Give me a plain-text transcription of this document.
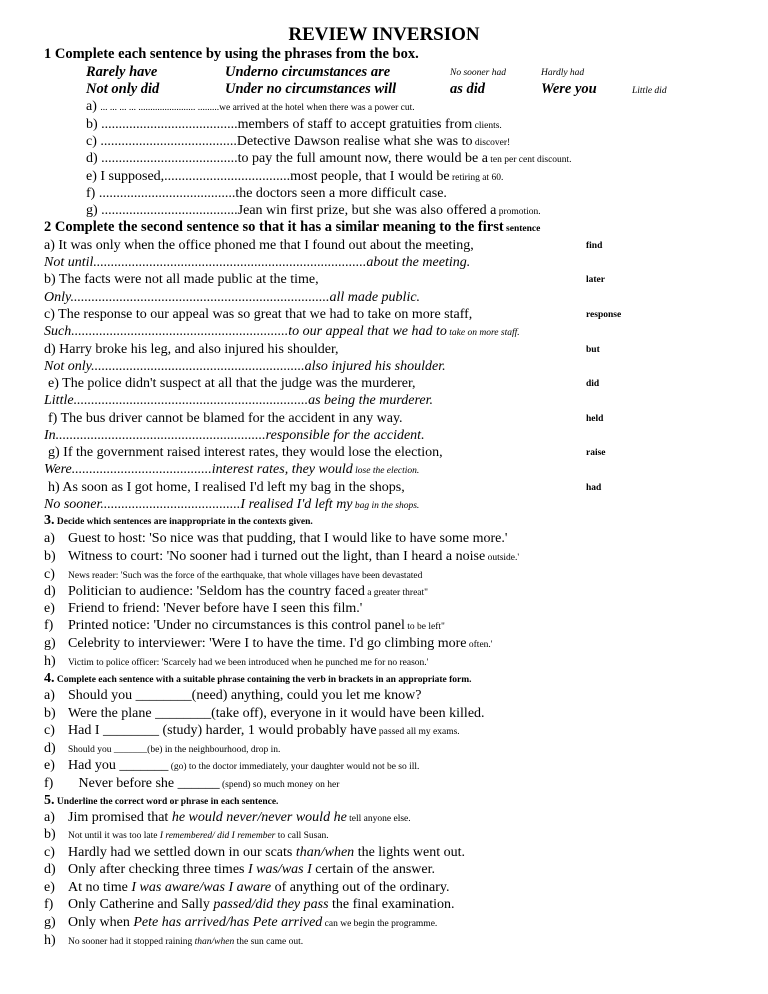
REVIEW INVERSION
1 Complete each sentence by using the phrases from the box.
Rarely have	Underno circumstances are	No sooner had	Hardly had
Not only did	Under no circumstances will	as did	Were you	Little did
a) ... ... ... ... ........................ .........we arrived at the hotel when there was a power cut.
b) .......................................members of staff to accept gratuities from clients.
c) .......................................Detective Dawson realise what she was to discover!
d) .......................................to pay the full amount now, there would be a ten per cent discount.
e) I supposed,....................................most people, that I would be retiring at 60.
f) .......................................the doctors seen a more difficult case.
g) .......................................Jean win first prize, but she was also offered a promotion.
2 Complete the second sentence so that it has a similar meaning to the first sentence
a) It was only when the office phoned me that I found out about the meeting,	find
Not until..............................................................................about the meeting.
b) The facts were not all made public at the time,	later
Only..........................................................................all made public.
c) The response to our appeal was so great that we had to take on more staff,	response
Such..............................................................to our appeal that we had to take on more staff.
d) Harry broke his leg, and also injured his shoulder,	but
Not only.............................................................also injured his shoulder.
e) The police didn't suspect at all that the judge was the murderer,	did
Little...................................................................as being the murderer.
f) The bus driver cannot be blamed for the accident in any way.	held
In............................................................responsible for the accident.
g) If the government raised interest rates, they would lose the election,	raise
Were........................................interest rates, they would lose the election.
h) As soon as I got home, I realised I'd left my bag in the shops,	had
No sooner........................................I realised I'd left my bag in the shops.
3. Decide which sentences are inappropriate in the contexts given.
a) Guest to host: 'So nice was that pudding, that I would like to have some more.'
b) Witness to court: 'No sooner had i turned out the light, than I heard a noise outside.'
c) News reader: 'Such was the force of the earthquake, that whole villages have been devastated
d) Politician to audience: 'Seldom has the country faced a greater threat"
e) Friend to friend: 'Never before have I seen this film.'
f) Printed notice: 'Under no circumstances is this control panel to be left"
g) Celebrity to interviewer: 'Were I to have the time. I'd go climbing more often.'
h) Victim to police officer: 'Scarcely had we been introduced when he punched me for no reason.'
4. Complete each sentence with a suitable phrase containing the verb in brackets in an appropriate form.
a) Should you ________(need) anything, could you let me know?
b) Were the plane ________(take off), everyone in it would have been killed.
c) Had I ________ (study) harder, 1 would probably have passed all my exams.
d) Should you _______(be) in the neighbourhood, drop in.
e) Had you _______ (go) to the doctor immediately, your daughter would not be so ill.
f)   Never before she ______ (spend) so much money on her
5. Underline the correct word or phrase in each sentence.
a) Jim promised that he would never/never would he tell anyone else.
b) Not until it was too late I remembered/ did I remember to call Susan.
c) Hardly had we settled down in our scats than/when the lights went out.
d) Only after checking three times I was/was I certain of the answer.
e) At no time I was aware/was I aware of anything out of the ordinary.
f) Only Catherine and Sally passed/did they pass the final examination.
g) Only when Pete has arrived/has Pete arrived can we begin the programme.
h) No sooner had it stopped raining than/when the sun came out.
